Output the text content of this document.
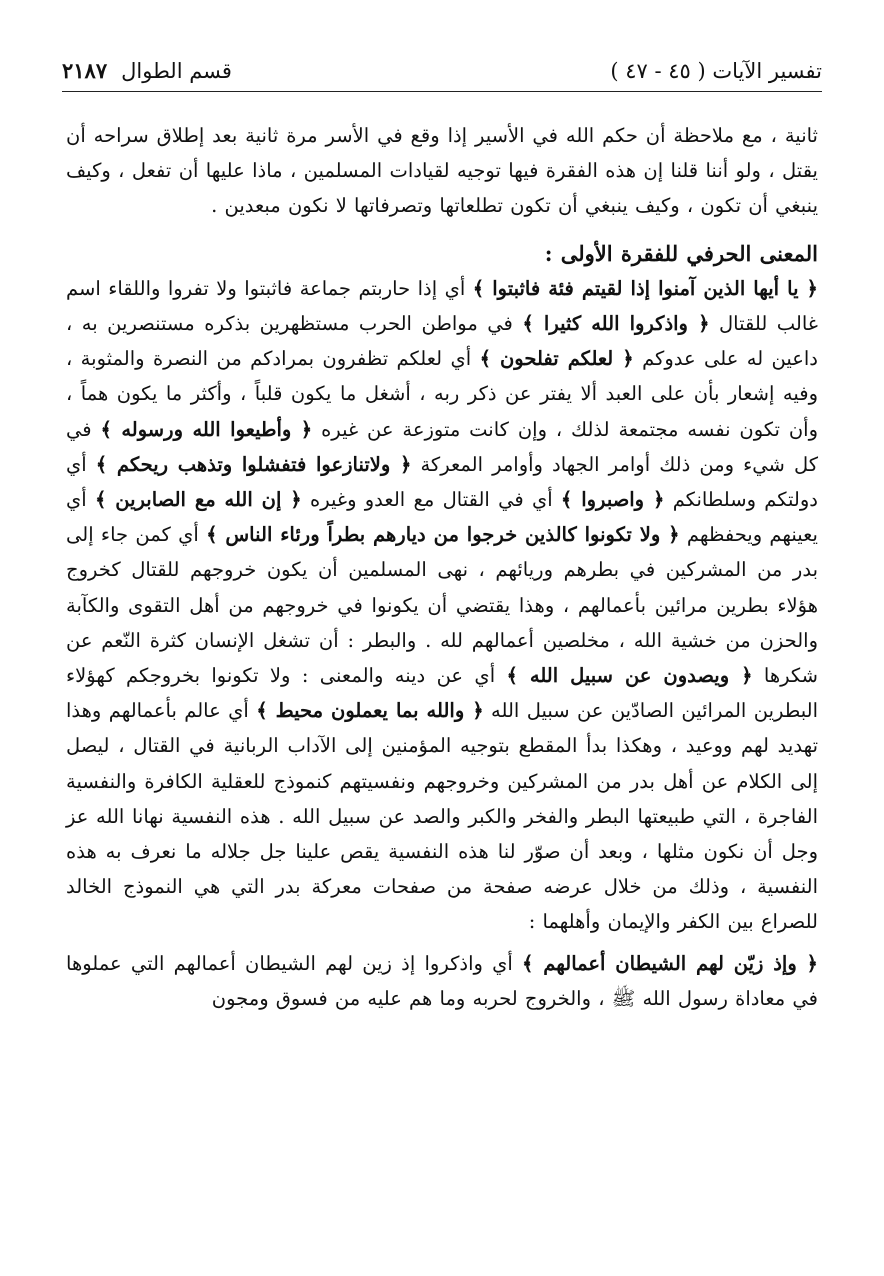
تفسير الآيات ( ٤٥ - ٤٧ )
قسم الطوال
٢١٨٧

ثانية ، مع ملاحظة أن حكم الله في الأسير إذا وقع في الأسر مرة ثانية بعد إطلاق سراحه أن يقتل ، ولو أننا قلنا إن هذه الفقرة فيها توجيه لقيادات المسلمين ، ماذا عليها أن تفعل ، وكيف ينبغي أن تكون ، وكيف ينبغي أن تكون تطلعاتها وتصرفاتها لا نكون مبعدين .

المعنى الحرفي للفقرة الأولى :

﴿ يا أيها الذين آمنوا إذا لقيتم فئة فاثبتوا ﴾ أي إذا حاربتم جماعة فاثبتوا ولا تفروا واللقاء اسم غالب للقتال ﴿ واذكروا الله كثيرا ﴾ في مواطن الحرب مستظهرين بذكره مستنصرين به ، داعين له على عدوكم ﴿ لعلكم تفلحون ﴾ أي لعلكم تظفرون بمرادكم من النصرة والمثوبة ، وفيه إشعار بأن على العبد ألا يفتر عن ذكر ربه ، أشغل ما يكون قلباً ، وأكثر ما يكون هماً ، وأن تكون نفسه مجتمعة لذلك ، وإن كانت متوزعة عن غيره ﴿ وأطيعوا الله ورسوله ﴾ في كل شيء ومن ذلك أوامر الجهاد وأوامر المعركة ﴿ ولاتنازعوا فتفشلوا وتذهب ريحكم ﴾ أي دولتكم وسلطانكم ﴿ واصبروا ﴾ أي في القتال مع العدو وغيره ﴿ إن الله مع الصابرين ﴾ أي يعينهم ويحفظهم ﴿ ولا تكونوا كالذين خرجوا من ديارهم بطراً ورئاء الناس ﴾ أي كمن جاء إلى بدر من المشركين في بطرهم وريائهم ، نهى المسلمين أن يكون خروجهم للقتال كخروج هؤلاء بطرين مرائين بأعمالهم ، وهذا يقتضي أن يكونوا في خروجهم من أهل التقوى والكآبة والحزن من خشية الله ، مخلصين أعمالهم لله . والبطر : أن تشغل الإنسان كثرة النّعم عن شكرها ﴿ ويصدون عن سبيل الله ﴾ أي عن دينه والمعنى : ولا تكونوا بخروجكم كهؤلاء البطرين المرائين الصادّين عن سبيل الله ﴿ والله بما يعملون محيط ﴾ أي عالم بأعمالهم وهذا تهديد لهم ووعيد ، وهكذا بدأ المقطع بتوجيه المؤمنين إلى الآداب الربانية في القتال ، ليصل إلى الكلام عن أهل بدر من المشركين وخروجهم ونفسيتهم كنموذج للعقلية الكافرة والنفسية الفاجرة ، التي طبيعتها البطر والفخر والكبر والصد عن سبيل الله . هذه النفسية نهانا الله عز وجل أن نكون مثلها ، وبعد أن صوّر لنا هذه النفسية يقص علينا جل جلاله ما نعرف به هذه النفسية ، وذلك من خلال عرضه صفحة من صفحات معركة بدر التي هي النموذج الخالد للصراع بين الكفر والإيمان وأهلهما :

﴿ وإذ زيّن لهم الشيطان أعمالهم ﴾ أي واذكروا إذ زين لهم الشيطان أعمالهم التي عملوها في معاداة رسول الله ﷺ ، والخروج لحربه وما هم عليه من فسوق ومجون
